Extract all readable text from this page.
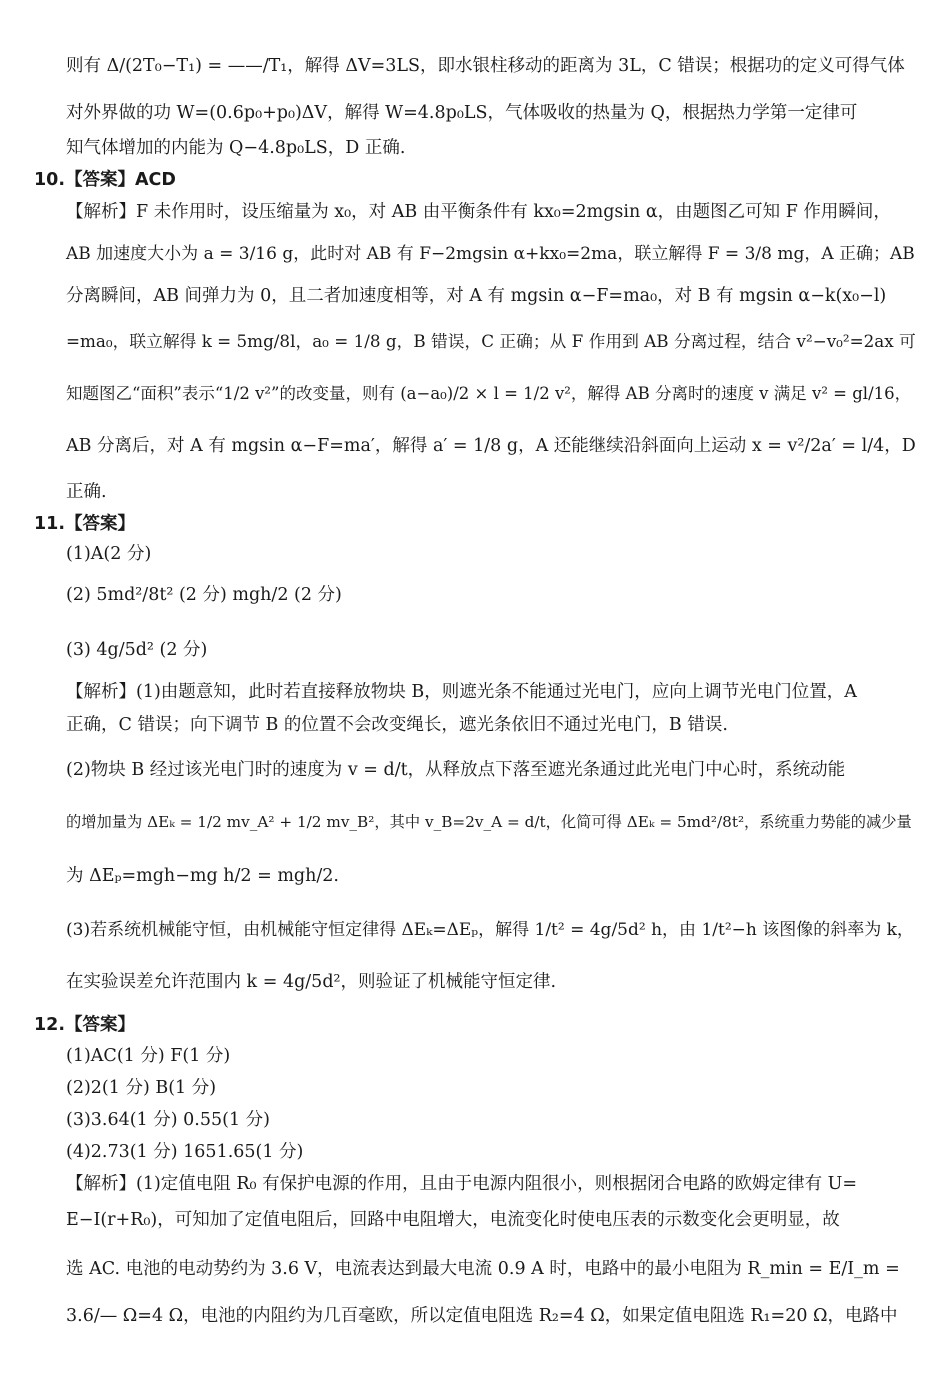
则有 Δ/(2T₀−T₁) = ——/T₁，解得 ΔV=3LS，即水银柱移动的距离为 3L，C 错误；根据功的定义可得气体
对外界做的功 W=(0.6p₀+p₀)ΔV，解得 W=4.8p₀LS，气体吸收的热量为 Q，根据热力学第一定律可
知气体增加的内能为 Q−4.8p₀LS，D 正确.
10.【答案】ACD
【解析】F 未作用时，设压缩量为 x₀，对 AB 由平衡条件有 kx₀=2mgsin α，由题图乙可知 F 作用瞬间，
AB 加速度大小为 a = 3/16 g，此时对 AB 有 F−2mgsin α+kx₀=2ma，联立解得 F = 3/8 mg，A 正确；AB
分离瞬间，AB 间弹力为 0，且二者加速度相等，对 A 有 mgsin α−F=ma₀，对 B 有 mgsin α−k(x₀−l)
=ma₀，联立解得 k = 5mg/8l，a₀ = 1/8 g，B 错误，C 正确；从 F 作用到 AB 分离过程，结合 v²−v₀²=2ax 可
知题图乙“面积”表示“1/2 v²”的改变量，则有 (a−a₀)/2 × l = 1/2 v²，解得 AB 分离时的速度 v 满足 v² = gl/16，
AB 分离后，对 A 有 mgsin α−F=ma′，解得 a′ = 1/8 g，A 还能继续沿斜面向上运动 x = v²/2a′ = l/4，D
正确.
11.【答案】
(1)A(2 分)
(2) 5md²/8t² (2 分) mgh/2 (2 分)
(3) 4g/5d² (2 分)
【解析】(1)由题意知，此时若直接释放物块 B，则遮光条不能通过光电门，应向上调节光电门位置，A
正确，C 错误；向下调节 B 的位置不会改变绳长，遮光条依旧不通过光电门，B 错误.
(2)物块 B 经过该光电门时的速度为 v = d/t，从释放点下落至遮光条通过此光电门中心时，系统动能
的增加量为 ΔEₖ = 1/2 mv_A² + 1/2 mv_B²，其中 v_B=2v_A = d/t，化简可得 ΔEₖ = 5md²/8t²，系统重力势能的减少量
为 ΔEₚ=mgh−mg h/2 = mgh/2.
(3)若系统机械能守恒，由机械能守恒定律得 ΔEₖ=ΔEₚ，解得 1/t² = 4g/5d² h，由 1/t²−h 该图像的斜率为 k，
在实验误差允许范围内 k = 4g/5d²，则验证了机械能守恒定律.
12.【答案】
(1)AC(1 分) F(1 分)
(2)2(1 分) B(1 分)
(3)3.64(1 分) 0.55(1 分)
(4)2.73(1 分) 1651.65(1 分)
【解析】(1)定值电阻 R₀ 有保护电源的作用，且由于电源内阻很小，则根据闭合电路的欧姆定律有 U=
E−I(r+R₀)，可知加了定值电阻后，回路中电阻增大，电流变化时使电压表的示数变化会更明显，故
选 AC. 电池的电动势约为 3.6 V，电流表达到最大电流 0.9 A 时，电路中的最小电阻为 R_min = E/I_m =
3.6/— Ω=4 Ω，电池的内阻约为几百毫欧，所以定值电阻选 R₂=4 Ω，如果定值电阻选 R₁=20 Ω，电路中
